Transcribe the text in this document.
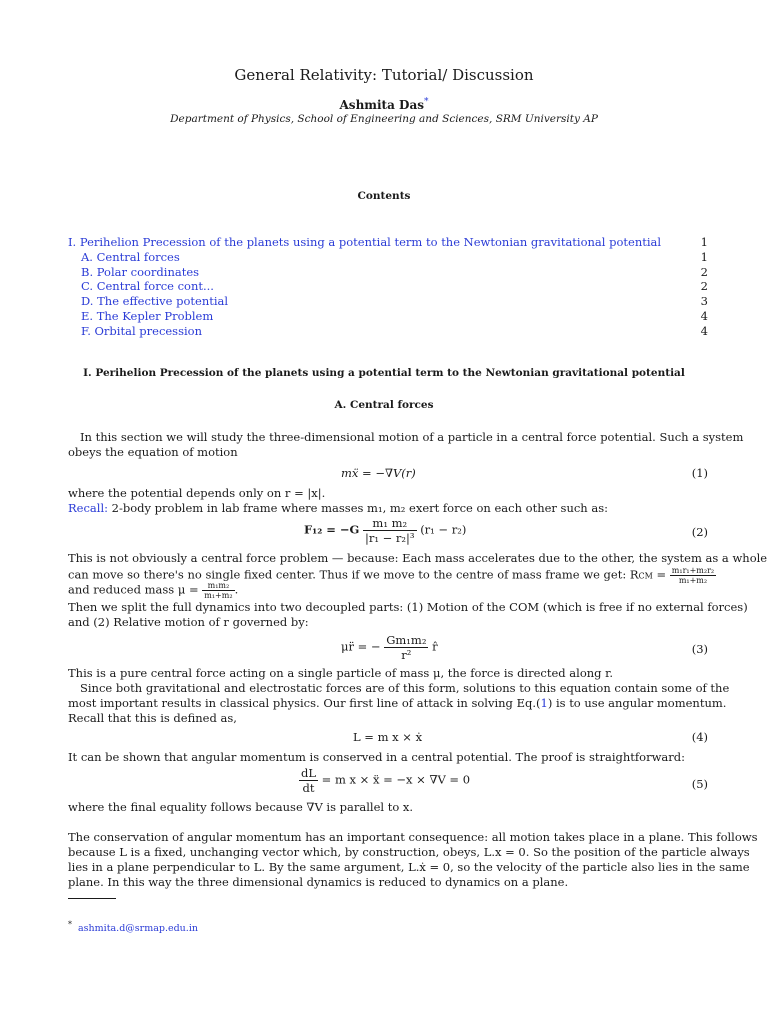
General Relativity: Tutorial/ Discussion
Ashmita Das*
Department of Physics, School of Engineering and Sciences, SRM University AP
Contents
I. Perihelion Precession of the planets using a potential term to the Newtonian gravitational potential	1
A. Central forces	1
B. Polar coordinates	2
C. Central force cont...	2
D. The effective potential	3
E. The Kepler Problem	4
F. Orbital precession	4
I. Perihelion Precession of the planets using a potential term to the Newtonian gravitational potential
A. Central forces
In this section we will study the three-dimensional motion of a particle in a central force potential. Such a system
obeys the equation of motion
mẍ = −∇V(r)	(1)
where the potential depends only on r = |x|.
Recall: 2-body problem in lab frame where masses m₁, m₂ exert force on each other such as:
$F_{12} = -G \frac{\text{m₁ m₂}}{\text{|r₁ − r₂|³}} (r_1 - r_2)$	(2)
This is not obviously a central force problem — because: Each mass accelerates due to the other, the system as a whole
can move so there's no single fixed center. Thus if we move to the centre of mass frame we get: RCM = $\frac{\text{m₁r₁+m₂r₂}}{\text{m₁+m₂}}$
and reduced mass $\mu = \frac{\text{m₁m₂}}{\text{m₁+m₂}}$ .
Then we split the full dynamics into two decoupled parts: (1) Motion of the COM (which is free if no external forces)
and (2) Relative motion of r governed by:
μr̈ = − $\frac{\text{Gm₁m₂}}{\text{r²}}$ r̂	(3)
This is a pure central force acting on a single particle of mass μ, the force is directed along r.
Since both gravitational and electrostatic forces are of this form, solutions to this equation contain some of the
most important results in classical physics. Our first line of attack in solving Eq.(1) is to use angular momentum.
Recall that this is defined as,
L = m x × ẋ	(4)
It can be shown that angular momentum is conserved in a central potential. The proof is straightforward:
$\frac{dL}{dt} = m$ x × ẍ = −x × ∇V = 0	(5)
where the final equality follows because ∇V is parallel to x.
The conservation of angular momentum has an important consequence: all motion takes place in a plane. This follows
because L is a fixed, unchanging vector which, by construction, obeys, L.x = 0. So the position of the particle always
lies in a plane perpendicular to L. By the same argument, L.ẋ = 0, so the velocity of the particle also lies in the same
plane. In this way the three dimensional dynamics is reduced to dynamics on a plane.
* ashmita.d@srmap.edu.in
